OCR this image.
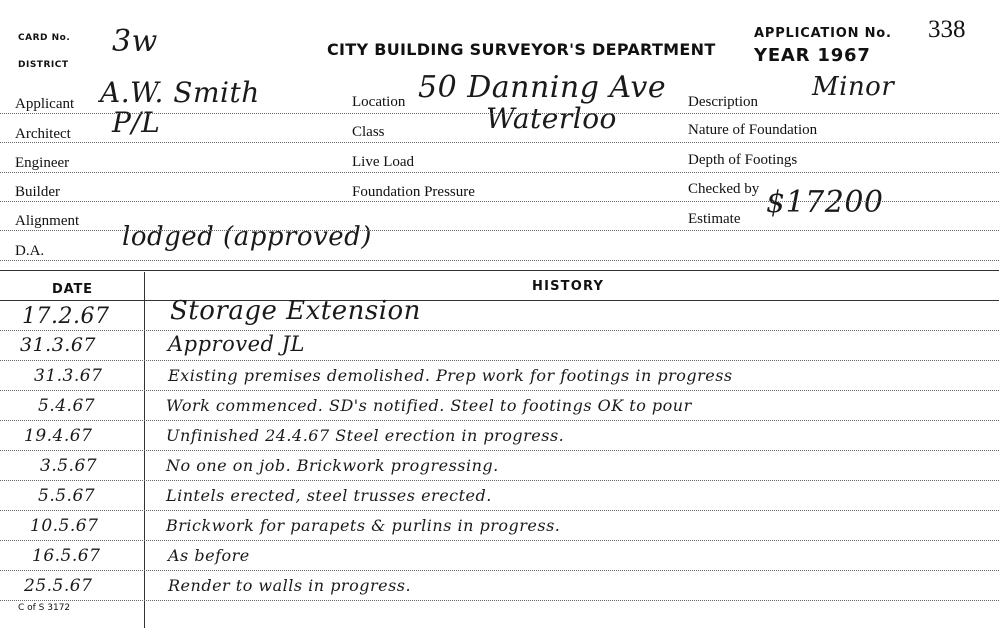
CARD No.
DISTRICT
3w	CITY BUILDING SURVEYOR'S DEPARTMENT
APPLICATION No. 338
YEAR 1967
Applicant A.W. Smith
Architect P/L
Engineer
Builder
Alignment
D.A.	lodged (approved)
Location 50 Danning Ave
Waterloo
Class
Live Load
Foundation Pressure
Description Minor
Nature of Foundation
Depth of Footings
Checked by
Estimate $17200
DATE	HISTORY
17.2.67 Storage Extension
31.3.67	Approved JL
31.3.67	Existing premises demolished. Prep work for footings in progress
5.4.67	Work commenced. SD's notified. Steel to footings OK to pour
19.4.67	Unfinished 24.4.67 Steel erection in progress.
3.5.67	No one on job. Brickwork progressing.
5.5.67	Lintels erected, steel trusses erected.
10.5.67	Brickwork for parapets & purlins in progress.
16.5.67	As before
25.5.67	Render to walls in progress.
C of S 3172
